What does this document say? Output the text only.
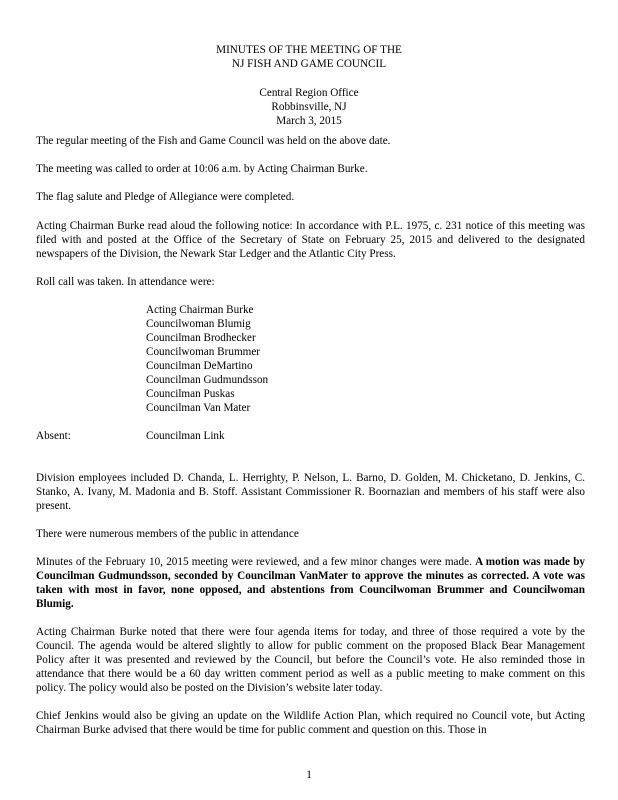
MINUTES OF THE MEETING OF THE
NJ FISH AND GAME COUNCIL
Central Region Office
Robbinsville, NJ
March 3, 2015
The regular meeting of the Fish and Game Council was held on the above date.
The meeting was called to order at 10:06 a.m. by Acting Chairman Burke.
The flag salute and Pledge of Allegiance were completed.
Acting Chairman Burke read aloud the following notice: In accordance with P.L. 1975, c. 231 notice of this meeting was filed with and posted at the Office of the Secretary of State on February 25, 2015 and delivered to the designated newspapers of the Division, the Newark Star Ledger and the Atlantic City Press.
Roll call was taken. In attendance were:
Acting Chairman Burke
Councilwoman Blumig
Councilman Brodhecker
Councilwoman Brummer
Councilman DeMartino
Councilman Gudmundsson
Councilman Puskas
Councilman Van Mater
Absent:	Councilman Link
Division employees included D. Chanda, L. Herrighty, P. Nelson, L. Barno, D. Golden, M. Chicketano, D. Jenkins, C. Stanko, A. Ivany, M. Madonia and B. Stoff. Assistant Commissioner R. Boornazian and members of his staff were also present.
There were numerous members of the public in attendance
Minutes of the February 10, 2015 meeting were reviewed, and a few minor changes were made. A motion was made by Councilman Gudmundsson, seconded by Councilman VanMater to approve the minutes as corrected. A vote was taken with most in favor, none opposed, and abstentions from Councilwoman Brummer and Councilwoman Blumig.
Acting Chairman Burke noted that there were four agenda items for today, and three of those required a vote by the Council. The agenda would be altered slightly to allow for public comment on the proposed Black Bear Management Policy after it was presented and reviewed by the Council, but before the Council’s vote. He also reminded those in attendance that there would be a 60 day written comment period as well as a public meeting to make comment on this policy. The policy would also be posted on the Division’s website later today.
Chief Jenkins would also be giving an update on the Wildlife Action Plan, which required no Council vote, but Acting Chairman Burke advised that there would be time for public comment and question on this. Those in
1
